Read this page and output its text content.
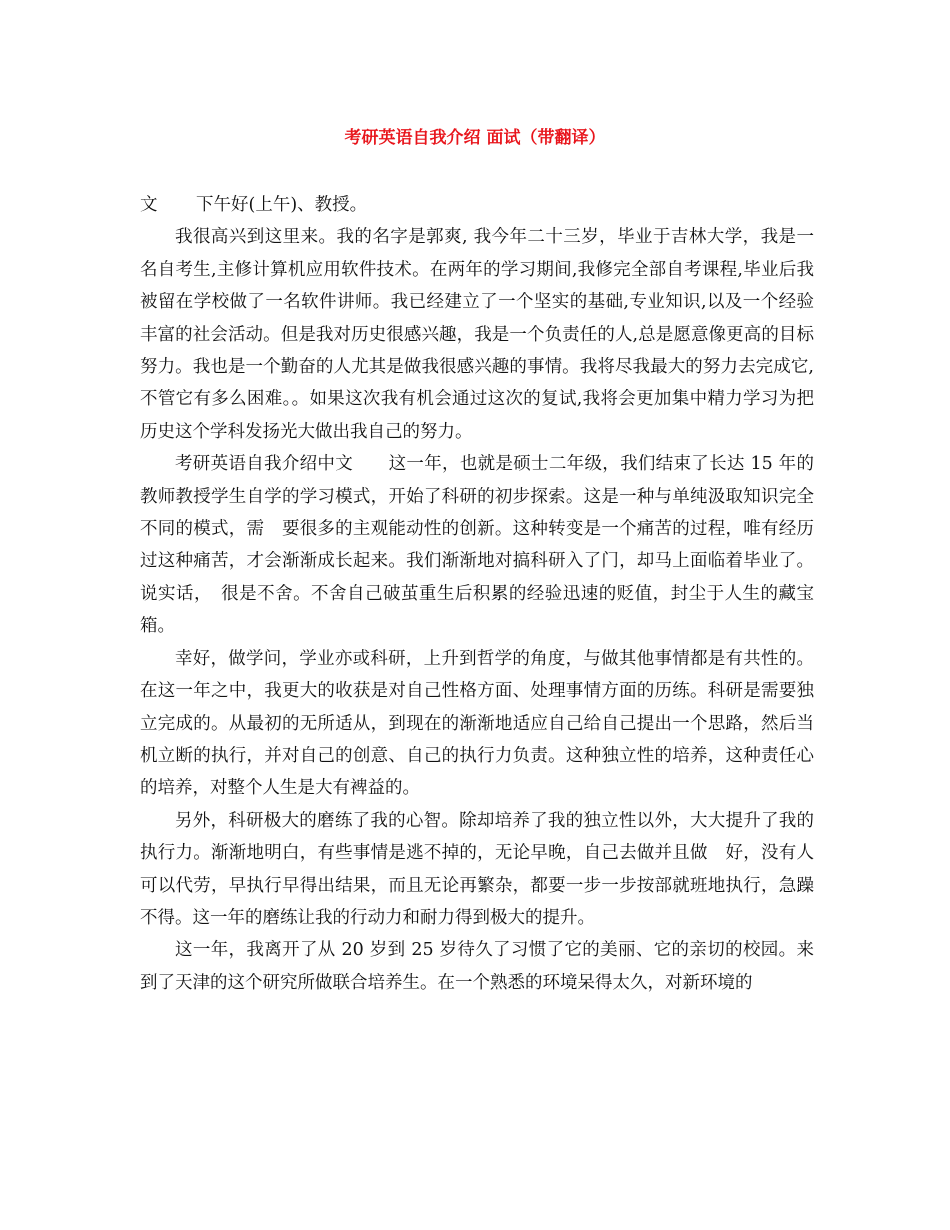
考研英语自我介绍 面试（带翻译）

文 下午好(上午)、教授。

我很高兴到这里来。我的名字是郭爽, 我今年二十三岁，毕业于吉林大学，我是一名自考生,主修计算机应用软件技术。在两年的学习期间,我修完全部自考课程,毕业后我被留在学校做了一名软件讲师。我已经建立了一个坚实的基础,专业知识,以及一个经验丰富的社会活动。但是我对历史很感兴趣，我是一个负责任的人,总是愿意像更高的目标努力。我也是一个勤奋的人尤其是做我很感兴趣的事情。我将尽我最大的努力去完成它,不管它有多么困难。。如果这次我有机会通过这次的复试,我将会更加集中精力学习为把历史这个学科发扬光大做出我自己的努力。

考研英语自我介绍中文　　这一年，也就是硕士二年级，我们结束了长达 15 年的教师教授学生自学的学习模式，开始了科研的初步探索。这是一种与单纯汲取知识完全不同的模式，需　要很多的主观能动性的创新。这种转变是一个痛苦的过程，唯有经历过这种痛苦，才会渐渐成长起来。我们渐渐地对搞科研入了门，却马上面临着毕业了。说实话，　很是不舍。不舍自己破茧重生后积累的经验迅速的贬值，封尘于人生的藏宝箱。

幸好，做学问，学业亦或科研，上升到哲学的角度，与做其他事情都是有共性的。在这一年之中，我更大的收获是对自己性格方面、处理事情方面的历练。科研是需要独立完成的。从最初的无所适从，到现在的渐渐地适应自己给自己提出一个思路，然后当机立断的执行，并对自己的创意、自己的执行力负责。这种独立性的培养，这种责任心的培养，对整个人生是大有裨益的。

另外，科研极大的磨练了我的心智。除却培养了我的独立性以外，大大提升了我的执行力。渐渐地明白，有些事情是逃不掉的，无论早晚，自己去做并且做　好，没有人可以代劳，早执行早得出结果，而且无论再繁杂，都要一步一步按部就班地执行，急躁不得。这一年的磨练让我的行动力和耐力得到极大的提升。

这一年，我离开了从 20 岁到 25 岁待久了习惯了它的美丽、它的亲切的校园。来到了天津的这个研究所做联合培养生。在一个熟悉的环境呆得太久，对新环境的
